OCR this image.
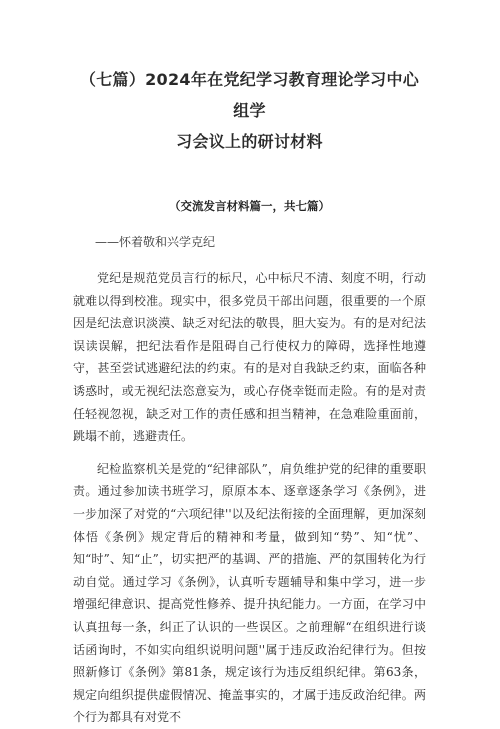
（七篇）2024年在党纪学习教育理论学习中心组学
习会议上的研讨材料
（交流发言材料篇一，共七篇）
——怀着敬和兴学克纪

党纪是规范党员言行的标尺，心中标尺不清、刻度不明，行动就难以得到校准。现实中，很多党员干部出问题，很重要的一个原因是纪法意识淡漠、缺乏对纪法的敬畏，胆大妄为。有的是对纪法误读误解，把纪法看作是阻碍自己行使权力的障碍，选择性地遵守，甚至尝试逃避纪法的约束。有的是对自我缺乏约束，面临各种诱惑时，或无视纪法恣意妄为，或心存侥幸铤而走险。有的是对责任轻视忽视，缺乏对工作的责任感和担当精神，在急难险重面前，跳塌不前，逃避责任。

纪检监察机关是党的“纪律部队”，肩负维护党的纪律的重要职责。通过参加读书班学习，原原本本、逐章逐条学习《条例》，进一步加深了对党的“六项纪律''以及纪法衔接的全面理解，更加深刻体悟《条例》规定背后的精神和考量，做到知“势”、知“忧”、知“时”、知“止”，切实把严的基调、严的措施、严的氛围转化为行动自觉。通过学习《条例》，认真听专题辅导和集中学习，进一步增强纪律意识、提高党性修养、提升执纪能力。一方面，在学习中认真扭每一条，纠正了认识的一些误区。之前理解“在组织进行谈话函询时，不如实向组织说明问题''属于违反政治纪律行为。但按照新修订《条例》第81条，规定该行为违反组织纪律。第63条，规定向组织提供虚假情况、掩盖事实的，才属于违反政治纪律。两个行为都具有对党不
